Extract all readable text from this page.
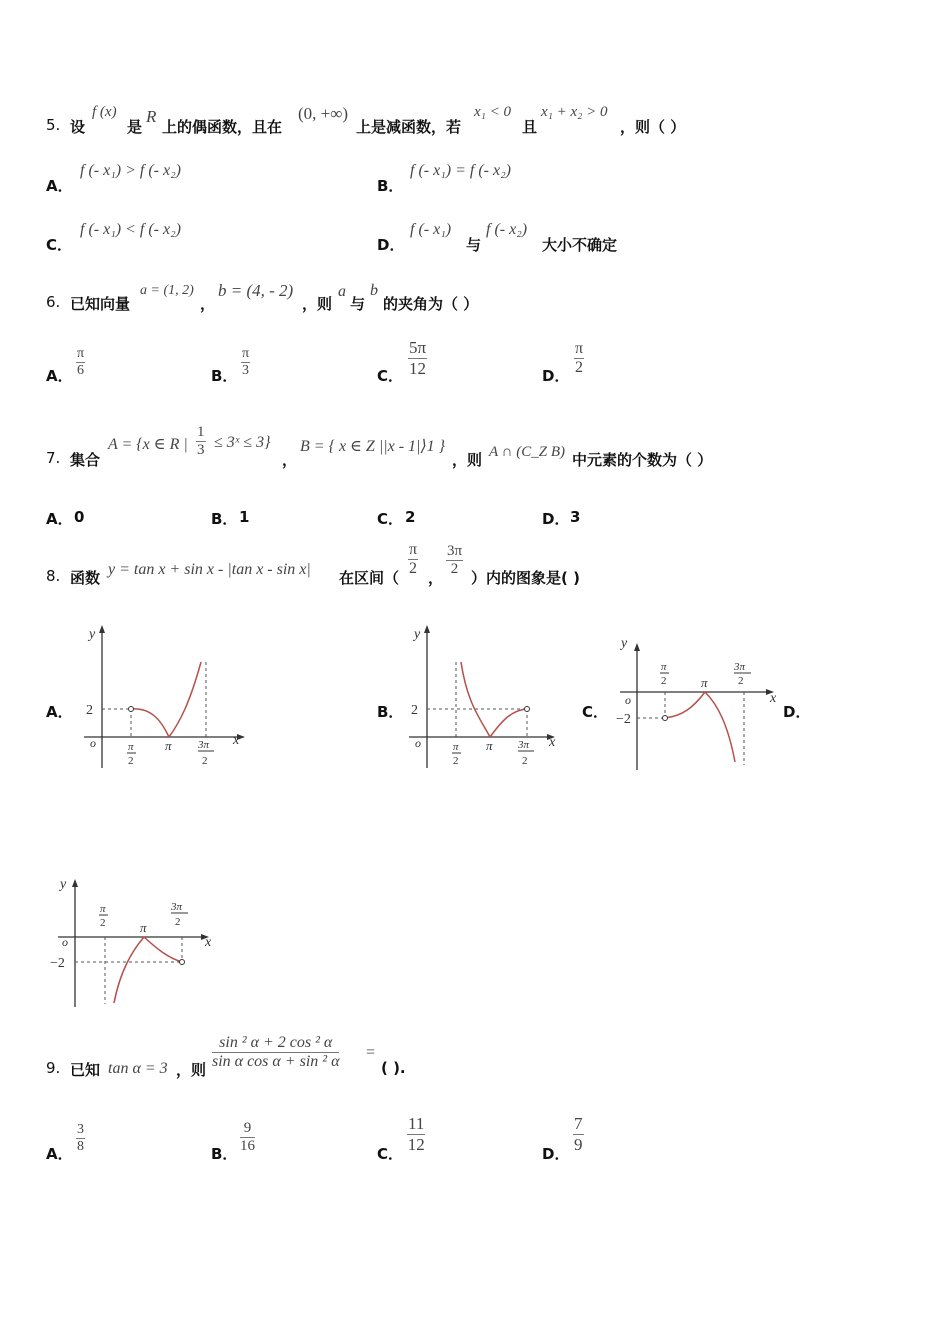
5. 设
f (x)
是
R
上的偶函数，且在
(0, +∞)
上是减函数，若
x₁ < 0
且
x₁ + x₂ > 0
，则（ ）
A．
f (- x₁) > f (- x₂)
B．
f (- x₁) = f (- x₂)
C．
f (- x₁) < f (- x₂)
D．
f (- x₁)
与
f (- x₂)
大小不确定
6. 已知向量
a = (1, 2)
，
b = (4, - 2)
，则
a
与
b
的夹角为（ ）
A． $\frac{\pi}{6}$	B． $\frac{\pi}{3}$	C． $\frac{5\pi}{12}$	D． $\frac{\pi}{2}$
7. 集合
A = {x ∈ R | $\frac{1}{3}$ ≤ 3ˣ ≤ 3}
，
B = { x ∈ Z ||x - 1|⟩1 }
，则 A ∩ (C_Z B) 中元素的个数为（ ）
A． 0	B． 1	C． 2	D． 3
8. 函数 y = tan x + sin x - |tan x - sin x| 在区间（ $\frac{\pi}{2}$ ， $\frac{3\pi}{2}$ ）内的图象是( )
A．	B．	C．	D．
y
x
o
2
π
2
π 3π
2
y
x
o
2
π
2
π 3π
2
y
x
o
−2
π
2	π
3π
2
y
x
o
−2
π
2	π
3π
2
9. 已知 tan α = 3 ，则 $\frac{\text{sin ² α + 2 cos ² α}}{\text{sin α cos α + sin ² α}}$ =
( ).
A． $\frac{3}{8}$	B． $\frac{9}{16}$	C． $\frac{11}{12}$	D． $\frac{7}{9}$
